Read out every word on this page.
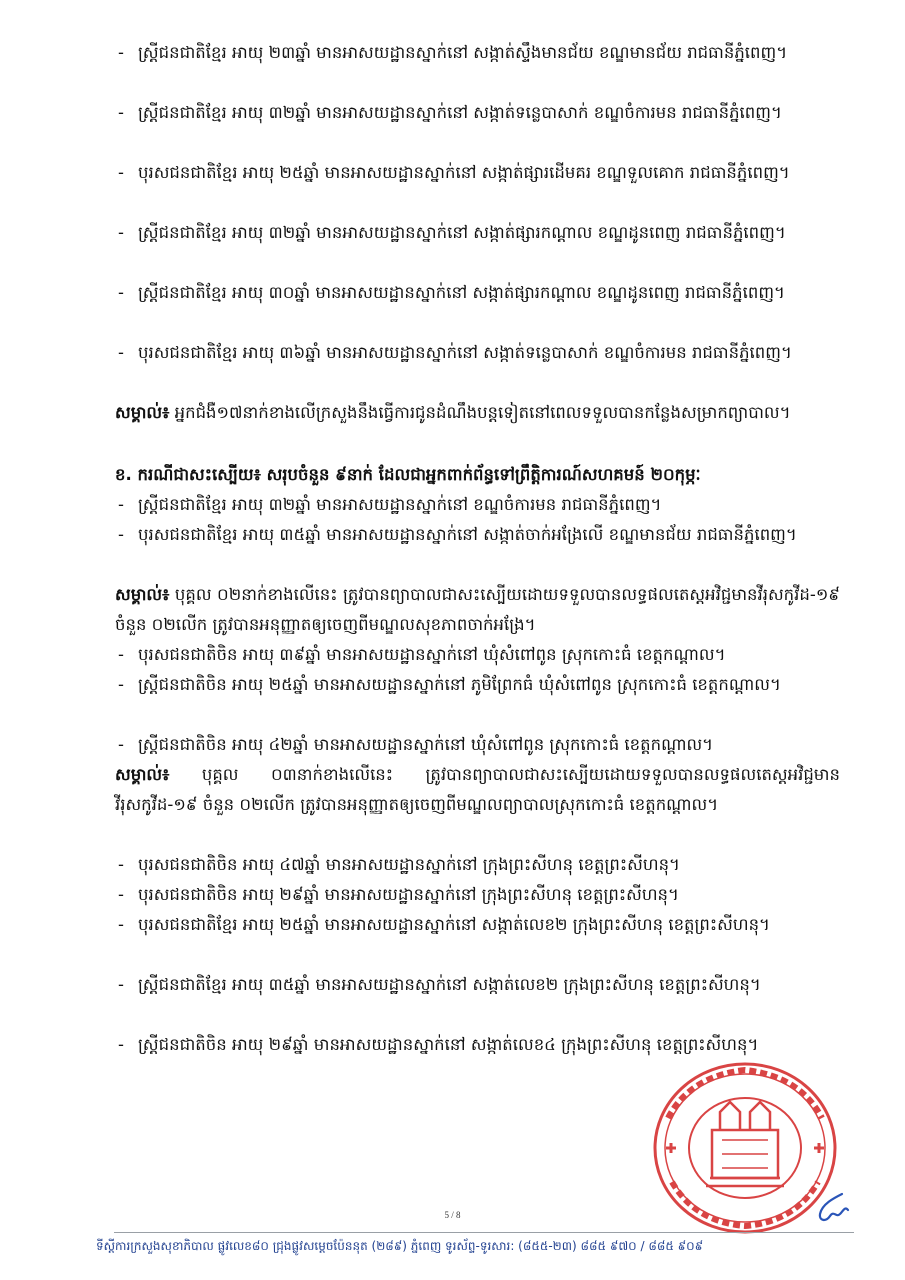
- ស្ត្រីជនជាតិខ្មែរ អាយុ ២៣ឆ្នាំ មានអាសយដ្ឋានស្នាក់នៅ សង្កាត់ស្ទឹងមានជ័យ ខណ្ឌមានជ័យ រាជធានីភ្នំពេញ។
- ស្ត្រីជនជាតិខ្មែរ អាយុ ៣២ឆ្នាំ មានអាសយដ្ឋានស្នាក់នៅ សង្កាត់ទន្លេបាសាក់ ខណ្ឌចំការមន រាជធានីភ្នំពេញ។
- បុរសជនជាតិខ្មែរ អាយុ ២៥ឆ្នាំ មានអាសយដ្ឋានស្នាក់នៅ សង្កាត់ផ្សារដើមគរ ខណ្ឌទួលគោក រាជធានីភ្នំពេញ។
- ស្ត្រីជនជាតិខ្មែរ អាយុ ៣២ឆ្នាំ មានអាសយដ្ឋានស្នាក់នៅ សង្កាត់ផ្សារកណ្តាល ខណ្ឌដូនពេញ រាជធានីភ្នំពេញ។
- ស្ត្រីជនជាតិខ្មែរ អាយុ ៣០ឆ្នាំ មានអាសយដ្ឋានស្នាក់នៅ សង្កាត់ផ្សារកណ្តាល ខណ្ឌដូនពេញ រាជធានីភ្នំពេញ។
- បុរសជនជាតិខ្មែរ អាយុ ៣៦ឆ្នាំ មានអាសយដ្ឋានស្នាក់នៅ សង្កាត់ទន្លេបាសាក់ ខណ្ឌចំការមន រាជធានីភ្នំពេញ។
សម្គាល់៖ អ្នកជំងឺ១៧នាក់ខាងលើក្រសួងនឹងធ្វើការជូនដំណឹងបន្តទៀតនៅពេលទទួលបានកន្លែងសម្រាកព្យាបាល។
ខ. ករណីជាសះស្បើយ៖ សរុបចំនួន ៩នាក់ ដែលជាអ្នកពាក់ព័ន្ធទៅព្រឹត្តិការណ៍សហគមន៍ ២០កុម្ភៈ
- ស្ត្រីជនជាតិខ្មែរ អាយុ ៣២ឆ្នាំ មានអាសយដ្ឋានស្នាក់នៅ ខណ្ឌចំការមន រាជធានីភ្នំពេញ។
- បុរសជនជាតិខ្មែរ អាយុ ៣៥ឆ្នាំ មានអាសយដ្ឋានស្នាក់នៅ សង្កាត់ចាក់អង្រែលើ ខណ្ឌមានជ័យ រាជធានីភ្នំពេញ។
សម្គាល់៖ បុគ្គល ០២នាក់ខាងលើនេះ ត្រូវបានព្យាបាលជាសះស្បើយដោយទទួលបានលទ្ធផលតេស្តអវិជ្ជមានវីរុសកូវីដ-១៩ ចំនួន ០២លើក ត្រូវបានអនុញ្ញាតឲ្យចេញពីមណ្ឌលសុខភាពចាក់អង្រែ។
- បុរសជនជាតិចិន អាយុ ៣៩ឆ្នាំ មានអាសយដ្ឋានស្នាក់នៅ ឃុំសំពៅពូន ស្រុកកោះធំ ខេត្តកណ្តាល។
- ស្ត្រីជនជាតិចិន អាយុ ២៥ឆ្នាំ មានអាសយដ្ឋានស្នាក់នៅ ភូមិព្រែកធំ ឃុំសំពៅពូន ស្រុកកោះធំ ខេត្តកណ្តាល។
- ស្ត្រីជនជាតិចិន អាយុ ៤២ឆ្នាំ មានអាសយដ្ឋានស្នាក់នៅ ឃុំសំពៅពូន ស្រុកកោះធំ ខេត្តកណ្តាល។
សម្គាល់៖ បុគ្គល ០៣នាក់ខាងលើនេះ ត្រូវបានព្យាបាលជាសះស្បើយដោយទទួលបានលទ្ធផលតេស្តអវិជ្ជមានវីរុសកូវីដ-១៩ ចំនួន ០២លើក ត្រូវបានអនុញ្ញាតឲ្យចេញពីមណ្ឌលព្យាបាលស្រុកកោះធំ ខេត្តកណ្តាល។
- បុរសជនជាតិចិន អាយុ ៤៧ឆ្នាំ មានអាសយដ្ឋានស្នាក់នៅ ក្រុងព្រះសីហនុ ខេត្តព្រះសីហនុ។
- បុរសជនជាតិចិន អាយុ ២៩ឆ្នាំ មានអាសយដ្ឋានស្នាក់នៅ ក្រុងព្រះសីហនុ ខេត្តព្រះសីហនុ។
- បុរសជនជាតិខ្មែរ អាយុ ២៥ឆ្នាំ មានអាសយដ្ឋានស្នាក់នៅ សង្កាត់លេខ២ ក្រុងព្រះសីហនុ ខេត្តព្រះសីហនុ។
- ស្ត្រីជនជាតិខ្មែរ អាយុ ៣៥ឆ្នាំ មានអាសយដ្ឋានស្នាក់នៅ សង្កាត់លេខ២ ក្រុងព្រះសីហនុ ខេត្តព្រះសីហនុ។
- ស្ត្រីជនជាតិចិន អាយុ ២៩ឆ្នាំ មានអាសយដ្ឋានស្នាក់នៅ សង្កាត់លេខ៤ ក្រុងព្រះសីហនុ ខេត្តព្រះសីហនុ។
5 / 8
ទីស្តីការក្រសួងសុខាភិបាល ផ្លូវលេខ៨០ ជ្រុងផ្លូវសម្តេចប៉ែននុត (២៨៩) ភ្នំពេញ ទូរស័ព្ទ-ទូរសារ: (៨៥៥-២៣) ៨៨៥ ៩៧០ / ៨៨៥ ៩០៩
